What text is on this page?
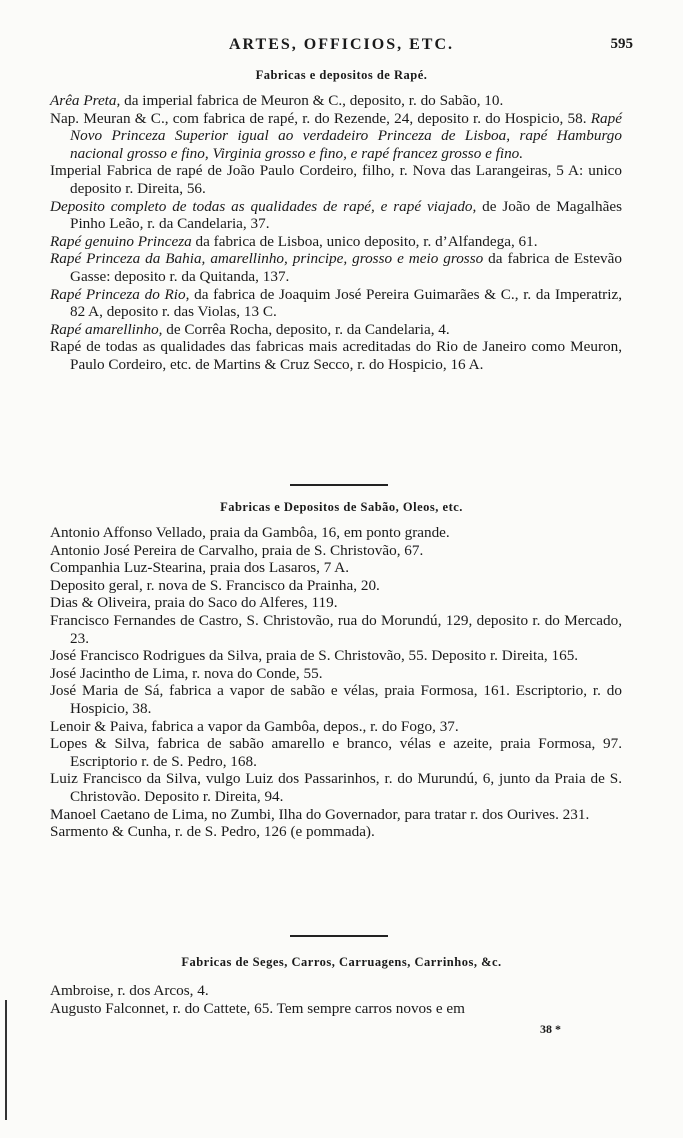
ARTES, OFFICIOS, ETC.	595
Fabricas e depositos de Rapé.

Arêa Preta, da imperial fabrica de Meuron & C., deposito, r. do Sabão, 10.

Nap. Meuran & C., com fabrica de rapé, r. do Rezende, 24, deposito r. do Hospicio, 58. Rapé Novo Princeza Superior igual ao verdadeiro Princeza de Lisboa, rapé Hamburgo nacional grosso e fino, Virginia grosso e fino, e rapé francez grosso e fino.

Imperial Fabrica de rapé de João Paulo Cordeiro, filho, r. Nova das Larangeiras, 5 A: unico deposito r. Direita, 56.

Deposito completo de todas as qualidades de rapé, e rapé viajado, de João de Magalhães Pinho Leão, r. da Candelaria, 37.

Rapé genuino Princeza da fabrica de Lisboa, unico deposito, r. d’Alfandega, 61.

Rapé Princeza da Bahia, amarellinho, principe, grosso e meio grosso da fabrica de Estevão Gasse: deposito r. da Quitanda, 137.

Rapé Princeza do Rio, da fabrica de Joaquim José Pereira Guimarães & C., r. da Imperatriz, 82 A, deposito r. das Violas, 13 C.

Rapé amarellinho, de Corrêa Rocha, deposito, r. da Candelaria, 4.

Rapé de todas as qualidades das fabricas mais acreditadas do Rio de Janeiro como Meuron, Paulo Cordeiro, etc. de Martins & Cruz Secco, r. do Hospicio, 16 A.

Fabricas e Depositos de Sabão, Oleos, etc.

Antonio Affonso Vellado, praia da Gambôa, 16, em ponto grande.

Antonio José Pereira de Carvalho, praia de S. Christovão, 67.

Companhia Luz-Stearina, praia dos Lasaros, 7 A.

Deposito geral, r. nova de S. Francisco da Prainha, 20.

Dias & Oliveira, praia do Saco do Alferes, 119.

Francisco Fernandes de Castro, S. Christovão, rua do Morundú, 129, deposito r. do Mercado, 23.

José Francisco Rodrigues da Silva, praia de S. Christovão, 55. Deposito r. Direita, 165.

José Jacintho de Lima, r. nova do Conde, 55.

José Maria de Sá, fabrica a vapor de sabão e vélas, praia Formosa, 161. Escriptorio, r. do Hospicio, 38.

Lenoir & Paiva, fabrica a vapor da Gambôa, depos., r. do Fogo, 37.

Lopes & Silva, fabrica de sabão amarello e branco, vélas e azeite, praia Formosa, 97. Escriptorio r. de S. Pedro, 168.

Luiz Francisco da Silva, vulgo Luiz dos Passarinhos, r. do Murundú, 6, junto da Praia de S. Christovão. Deposito r. Direita, 94.

Manoel Caetano de Lima, no Zumbi, Ilha do Governador, para tratar r. dos Ourives. 231.

Sarmento & Cunha, r. de S. Pedro, 126 (e pommada).

Fabricas de Seges, Carros, Carruagens, Carrinhos, &c.

Ambroise, r. dos Arcos, 4.

Augusto Falconnet, r. do Cattete, 65. Tem sempre carros novos e em

38 *
